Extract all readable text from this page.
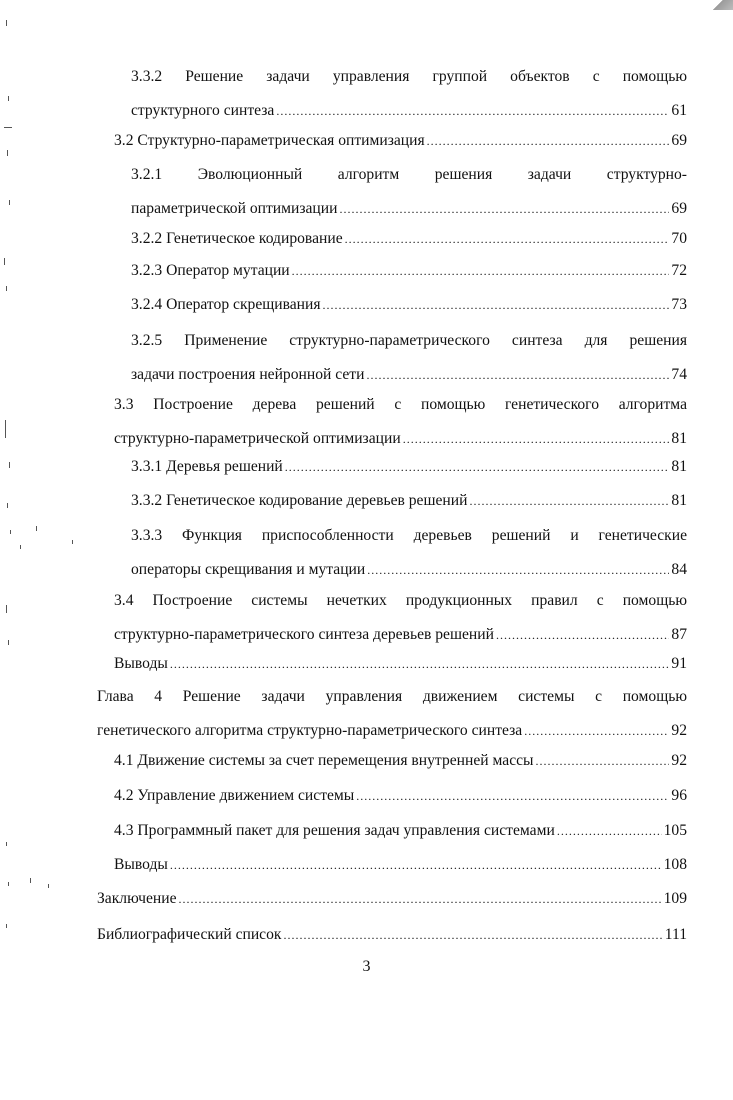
3.3.2 Решение задачи управления группой объектов с помощью
структурного синтеза .....	61
3.2 Структурно-параметрическая оптимизация .....	69
3.2.1 Эволюционный алгоритм решения задачи структурно-
параметрической оптимизации .....	69
3.2.2 Генетическое кодирование .....	70
3.2.3 Оператор мутации .....	72
3.2.4 Оператор скрещивания .....	73
3.2.5 Применение структурно-параметрического синтеза для решения
задачи построения нейронной сети .....	74
3.3 Построение дерева решений с помощью генетического алгоритма
структурно-параметрической оптимизации .....	81
3.3.1 Деревья решений .....	81
3.3.2 Генетическое кодирование деревьев решений .....	81
3.3.3 Функция приспособленности деревьев решений и генетические
операторы скрещивания и мутации .....	84
3.4 Построение системы нечетких продукционных правил с помощью
структурно-параметрического синтеза деревьев решений .....	87
Выводы .....	91
Глава 4 Решение задачи управления движением системы с помощью
генетического алгоритма структурно-параметрического синтеза .....	92
4.1 Движение системы за счет перемещения внутренней массы .....	92
4.2 Управление движением системы .....	96
4.3 Программный пакет для решения задач управления системами .....	105
Выводы .....	108
Заключение .....	109
Библиографический список .....	111
3
